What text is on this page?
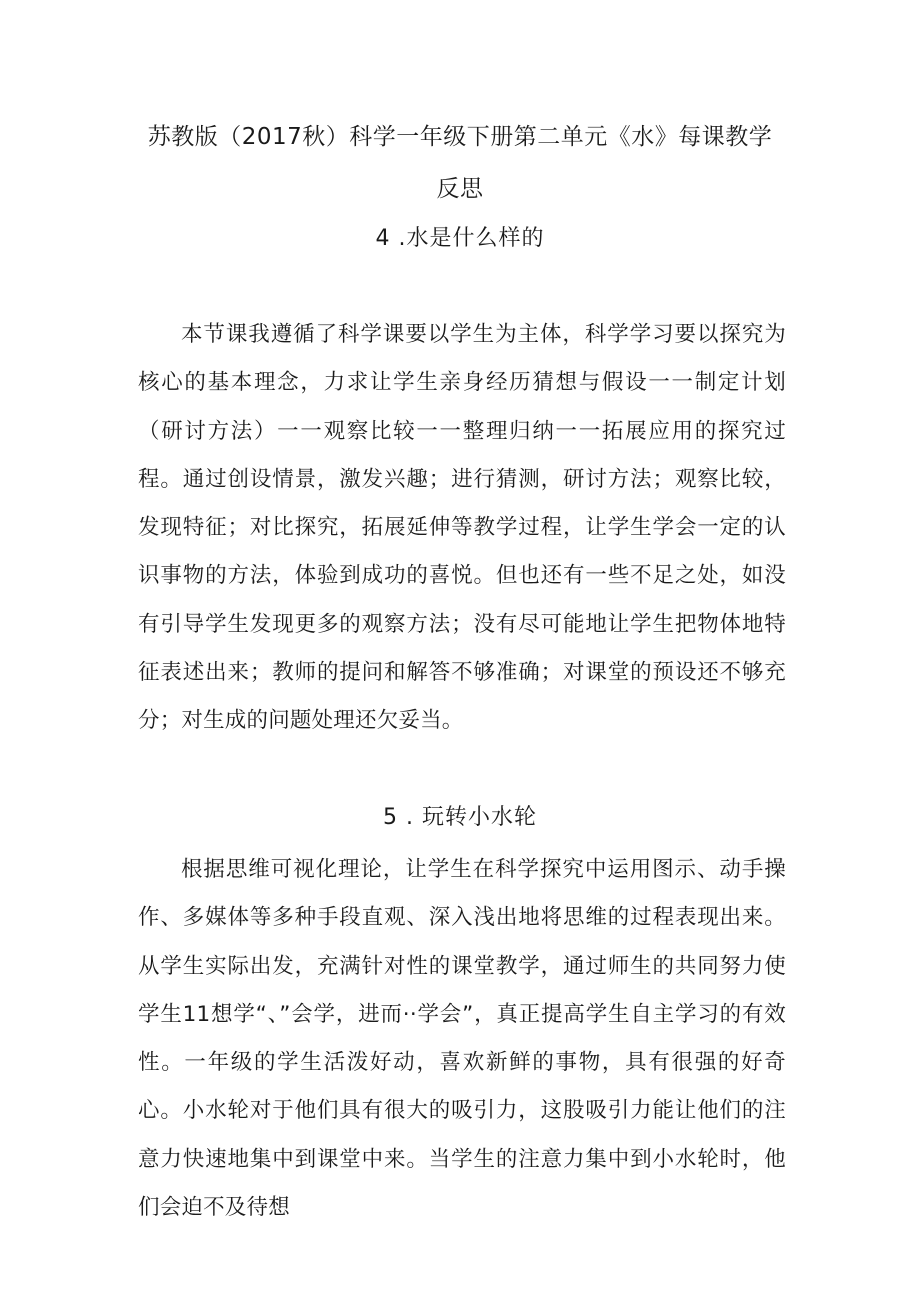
苏教版（2017秋）科学一年级下册第二单元《水》每课教学
反思
4 .水是什么样的

本节课我遵循了科学课要以学生为主体，科学学习要以探究为核心的基本理念，力求让学生亲身经历猜想与假设一一制定计划（研讨方法）一一观察比较一一整理归纳一一拓展应用的探究过程。通过创设情景，激发兴趣；进行猜测，研讨方法；观察比较，发现特征；对比探究，拓展延伸等教学过程，让学生学会一定的认识事物的方法，体验到成功的喜悦。但也还有一些不足之处，如没有引导学生发现更多的观察方法；没有尽可能地让学生把物体地特征表述出来；教师的提问和解答不够准确；对课堂的预设还不够充分；对生成的问题处理还欠妥当。

5 . 玩转小水轮

根据思维可视化理论，让学生在科学探究中运用图示、动手操作、多媒体等多种手段直观、深入浅出地将思维的过程表现出来。从学生实际出发，充满针对性的课堂教学，通过师生的共同努力使学生11想学“、”会学，进而··学会”，真正提高学生自主学习的有效性。一年级的学生活泼好动，喜欢新鲜的事物，具有很强的好奇心。小水轮对于他们具有很大的吸引力，这股吸引力能让他们的注意力快速地集中到课堂中来。当学生的注意力集中到小水轮时，他们会迫不及待想
